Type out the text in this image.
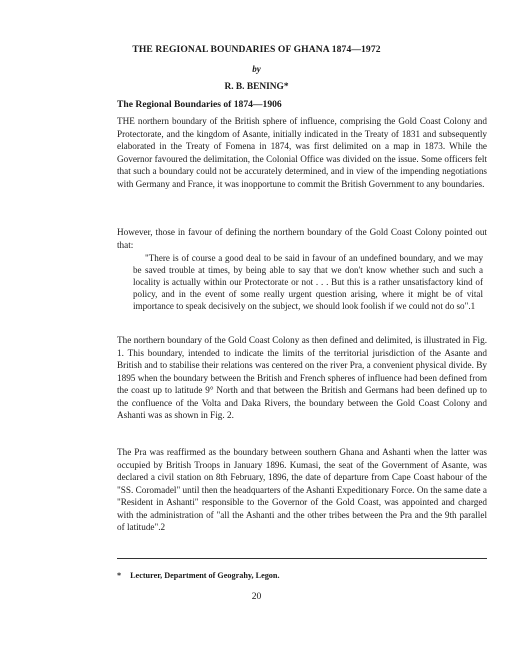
THE REGIONAL BOUNDARIES OF GHANA 1874—1972
by
R. B. BENING*
The Regional Boundaries of 1874—1906

THE northern boundary of the British sphere of influence, comprising the Gold Coast Colony and Protectorate, and the kingdom of Asante, initially indicated in the Treaty of 1831 and subsequently elaborated in the Treaty of Fomena in 1874, was first delimited on a map in 1873. While the Governor favoured the delimitation, the Colonial Office was divided on the issue. Some officers felt that such a boundary could not be accurately determined, and in view of the impending negotiations with Germany and France, it was inopportune to commit the British Government to any boundaries.

However, those in favour of defining the northern boundary of the Gold Coast Colony pointed out that:

"There is of course a good deal to be said in favour of an undefined boundary, and we may be saved trouble at times, by being able to say that we don't know whether such and such a locality is actually within our Protectorate or not . . . But this is a rather unsatisfactory kind of policy, and in the event of some really urgent question arising, where it might be of vital importance to speak decisively on the subject, we should look foolish if we could not do so".1

The northern boundary of the Gold Coast Colony as then defined and delimited, is illustrated in Fig. 1. This boundary, intended to indicate the limits of the territorial jurisdiction of the Asante and British and to stabilise their relations was centered on the river Pra, a convenient physical divide. By 1895 when the boundary between the British and French spheres of influence had been defined from the coast up to latitude 9° North and that between the British and Germans had been defined up to the confluence of the Volta and Daka Rivers, the boundary between the Gold Coast Colony and Ashanti was as shown in Fig. 2.

The Pra was reaffirmed as the boundary between southern Ghana and Ashanti when the latter was occupied by British Troops in January 1896. Kumasi, the seat of the Government of Asante, was declared a civil station on 8th February, 1896, the date of departure from Cape Coast habour of the "SS. Coromadel" until then the headquarters of the Ashanti Expeditionary Force. On the same date a "Resident in Ashanti" responsible to the Governor of the Gold Coast, was appointed and charged with the administration of "all the Ashanti and the other tribes between the Pra and the 9th parallel of latitude".2

* Lecturer, Department of Geograhy, Legon.
20
